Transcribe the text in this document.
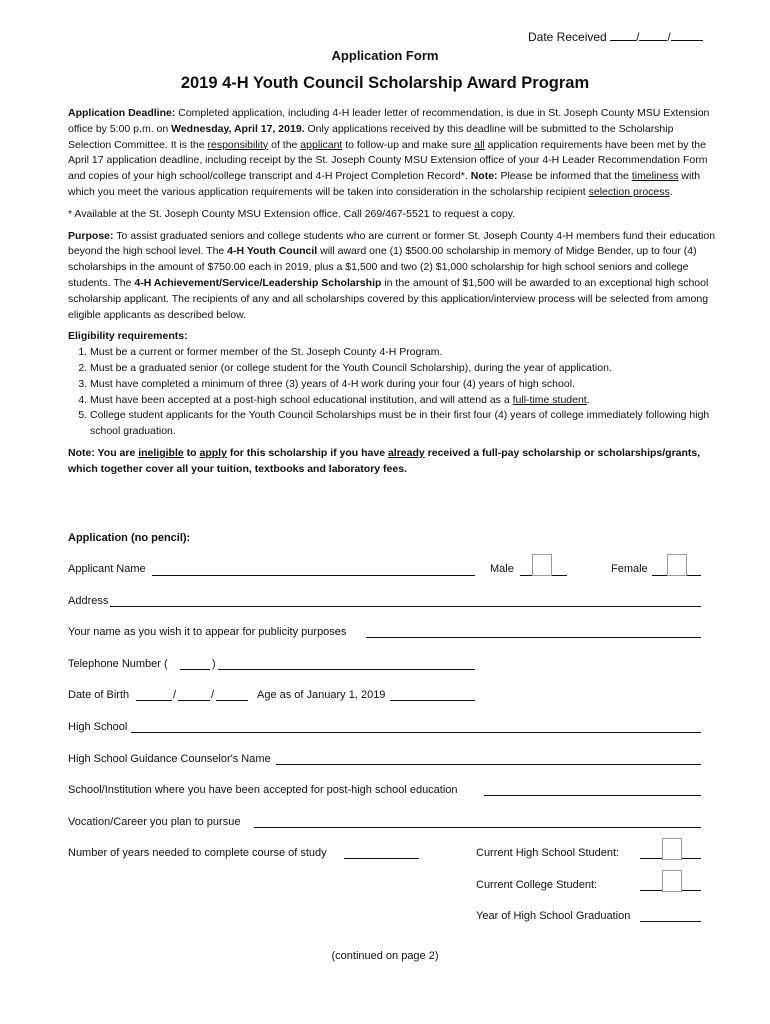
Date Received / /
Application Form
2019 4-H Youth Council Scholarship Award Program

Application Deadline: Completed application, including 4-H leader letter of recommendation, is due in St. Joseph County MSU Extension office by 5:00 p.m. on Wednesday, April 17, 2019. Only applications received by this deadline will be submitted to the Scholarship Selection Committee. It is the responsibility of the applicant to follow-up and make sure all application requirements have been met by the April 17 application deadline, including receipt by the St. Joseph County MSU Extension office of your 4-H Leader Recommendation Form and copies of your high school/college transcript and 4-H Project Completion Record*. Note: Please be informed that the timeliness with which you meet the various application requirements will be taken into consideration in the scholarship recipient selection process.

* Available at the St. Joseph County MSU Extension office. Call 269/467-5521 to request a copy.

Purpose: To assist graduated seniors and college students who are current or former St. Joseph County 4-H members fund their education beyond the high school level. The 4-H Youth Council will award one (1) $500.00 scholarship in memory of Midge Bender, up to four (4) scholarships in the amount of $750.00 each in 2019, plus a $1,500 and two (2) $1,000 scholarship for high school seniors and college students. The 4-H Achievement/Service/Leadership Scholarship in the amount of $1,500 will be awarded to an exceptional high school scholarship applicant. The recipients of any and all scholarships covered by this application/interview process will be selected from among eligible applicants as described below.

Eligibility requirements:
1. Must be a current or former member of the St. Joseph County 4-H Program.
2. Must be a graduated senior (or college student for the Youth Council Scholarship), during the year of application.
3. Must have completed a minimum of three (3) years of 4-H work during your four (4) years of high school.
4. Must have been accepted at a post-high school educational institution, and will attend as a full-time student.
5. College student applicants for the Youth Council Scholarships must be in their first four (4) years of college immediately following high school graduation.

Note: You are ineligible to apply for this scholarship if you have already received a full-pay scholarship or scholarships/grants, which together cover all your tuition, textbooks and laboratory fees.

Application (no pencil):
Applicant Name	Male	Female
Address
Your name as you wish it to appear for publicity purposes
Telephone Number (	)
Date of Birth	/	/	Age as of January 1, 2019
High School
High School Guidance Counselor's Name
School/Institution where you have been accepted for post-high school education
Vocation/Career you plan to pursue
Number of years needed to complete course of study	Current High School Student:
Current College Student:
Year of High School Graduation
(continued on page 2)
